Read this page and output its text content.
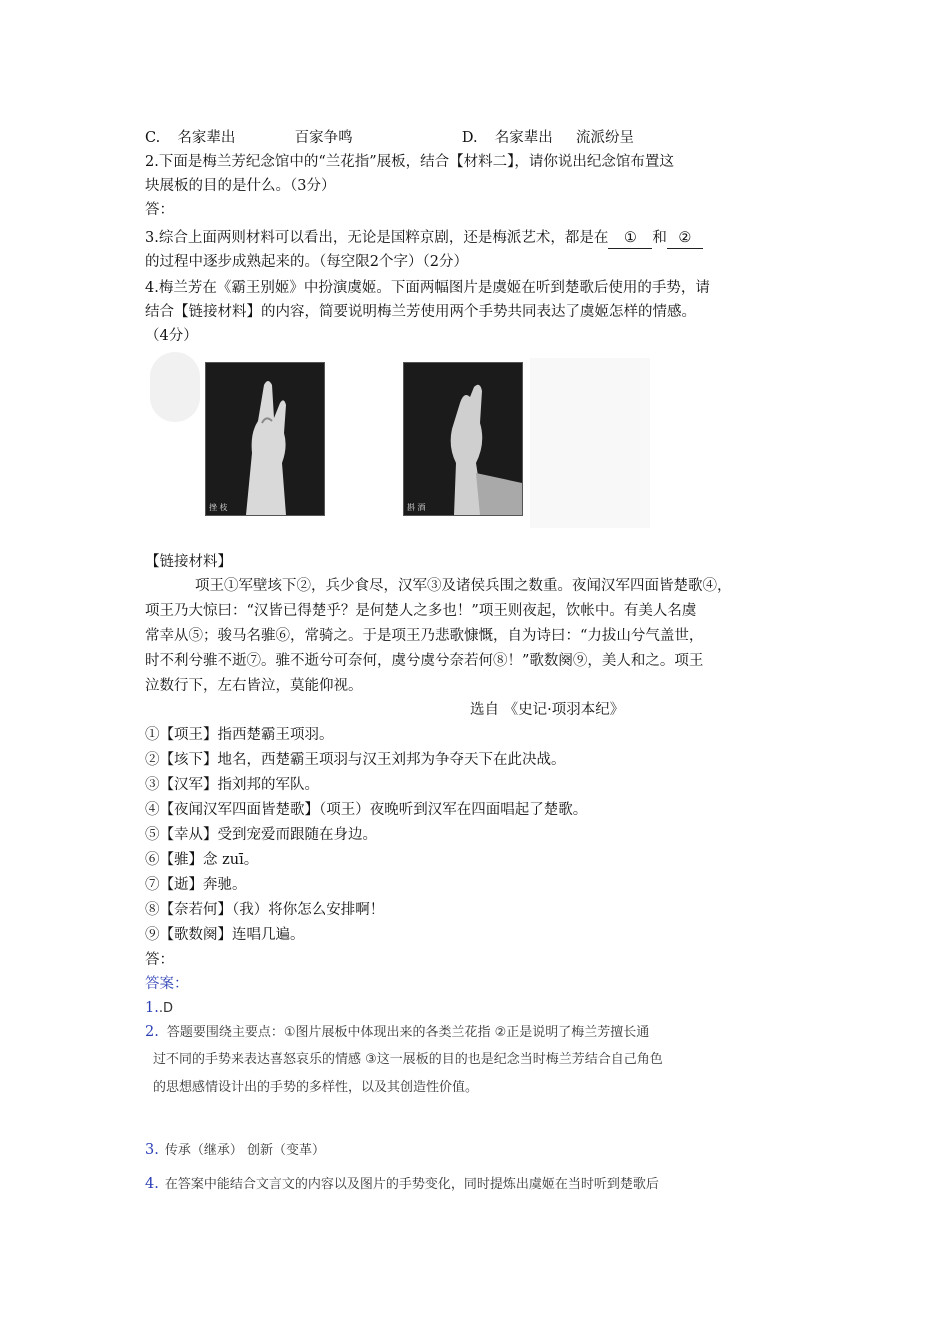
C. 名家辈出	百家争鸣	D. 名家辈出 流派纷呈
2.下面是梅兰芳纪念馆中的“兰花指”展板，结合【材料二】，请你说出纪念馆布置这
块展板的目的是什么。（3分）
答：
3.综合上面两则材料可以看出，无论是国粹京剧，还是梅派艺术，都是在 ① 和 ②
的过程中逐步成熟起来的。（每空限2个字）（2分）
4.梅兰芳在《霸王别姬》中扮演虞姬。下面两幅图片是虞姬在听到楚歌后使用的手势，请
结合【链接材料】的内容，简要说明梅兰芳使用两个手势共同表达了虞姬怎样的情感。
（4分）
挫 枝	斟 酒
【链接材料】
项王①军壁垓下②，兵少食尽，汉军③及诸侯兵围之数重。夜闻汉军四面皆楚歌④，
项王乃大惊曰：“汉皆已得楚乎？是何楚人之多也！”项王则夜起，饮帐中。有美人名虞
常幸从⑤；骏马名骓⑥，常骑之。于是项王乃悲歌慷慨，自为诗曰：“力拔山兮气盖世，
时不利兮骓不逝⑦。骓不逝兮可奈何，虞兮虞兮奈若何⑧！”歌数阕⑨，美人和之。项王
泣数行下，左右皆泣，莫能仰视。
选自 《史记·项羽本纪》
①【项王】指西楚霸王项羽。
②【垓下】地名，西楚霸王项羽与汉王刘邦为争夺天下在此决战。
③【汉军】指刘邦的军队。
④【夜闻汉军四面皆楚歌】（项王）夜晚听到汉军在四面唱起了楚歌。
⑤【幸从】受到宠爱而跟随在身边。
⑥【骓】念 zuī。
⑦【逝】奔驰。
⑧【奈若何】（我）将你怎么安排啊！
⑨【歌数阕】连唱几遍。
答：
答案：
1..D
2. 答题要围绕主要点：①图片展板中体现出来的各类兰花指 ②正是说明了梅兰芳擅长通
过不同的手势来表达喜怒哀乐的情感 ③这一展板的目的也是纪念当时梅兰芳结合自己角色
的思想感情设计出的手势的多样性，以及其创造性价值。
3. 传承（继承） 创新（变革）
4. 在答案中能结合文言文的内容以及图片的手势变化，同时提炼出虞姬在当时听到楚歌后
